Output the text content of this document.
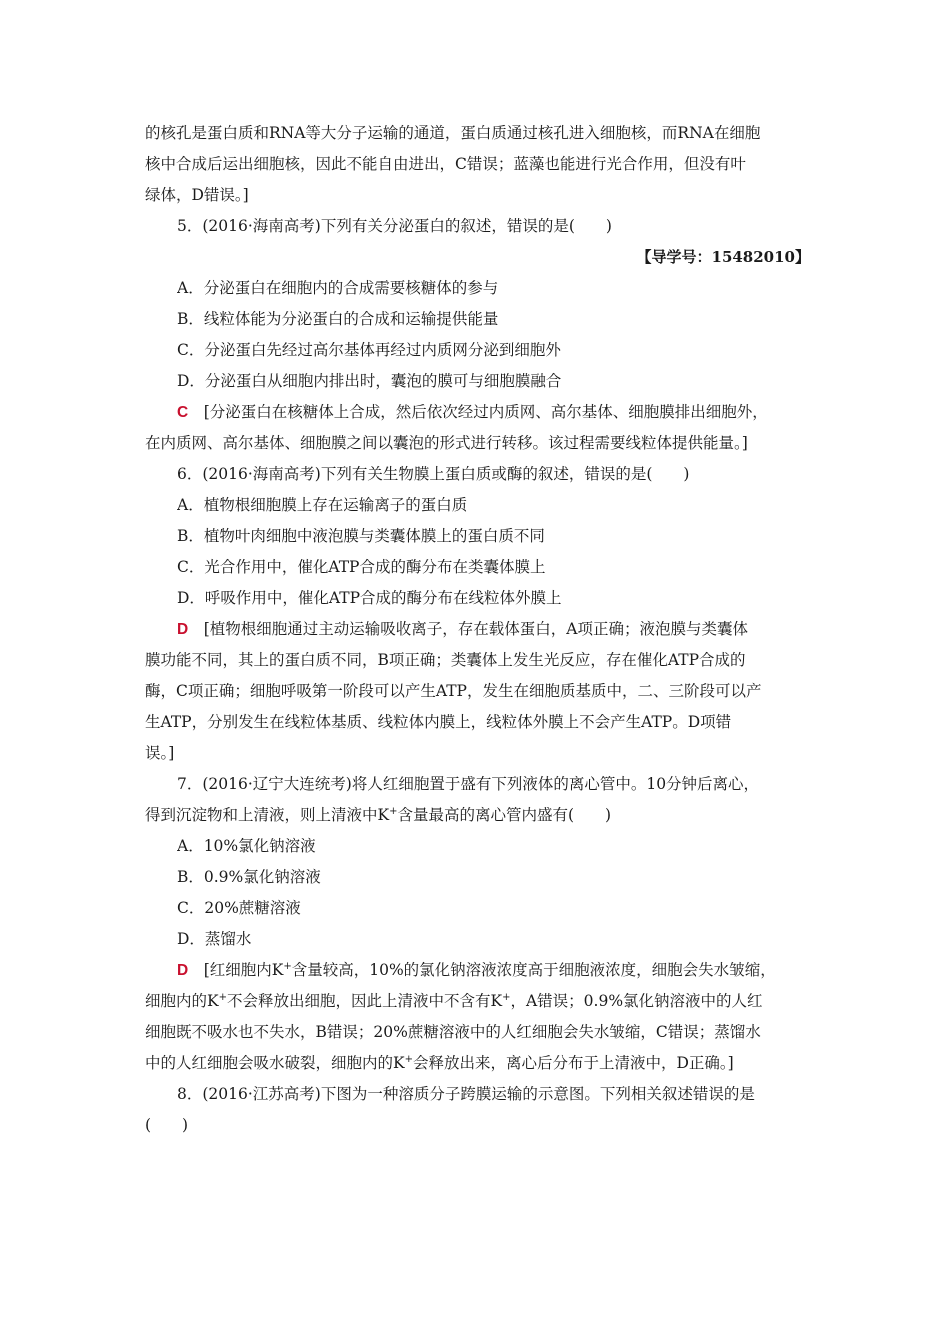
的核孔是蛋白质和RNA等大分子运输的通道，蛋白质通过核孔进入细胞核，而RNA在细胞
核中合成后运出细胞核，因此不能自由进出，C错误；蓝藻也能进行光合作用，但没有叶
绿体，D错误。]
5．(2016·海南高考)下列有关分泌蛋白的叙述，错误的是(　　)
【导学号：15482010】
A．分泌蛋白在细胞内的合成需要核糖体的参与
B．线粒体能为分泌蛋白的合成和运输提供能量
C．分泌蛋白先经过高尔基体再经过内质网分泌到细胞外
D．分泌蛋白从细胞内排出时，囊泡的膜可与细胞膜融合
C　[分泌蛋白在核糖体上合成，然后依次经过内质网、高尔基体、细胞膜排出细胞外，
在内质网、高尔基体、细胞膜之间以囊泡的形式进行转移。该过程需要线粒体提供能量。]
6．(2016·海南高考)下列有关生物膜上蛋白质或酶的叙述，错误的是(　　)
A．植物根细胞膜上存在运输离子的蛋白质
B．植物叶肉细胞中液泡膜与类囊体膜上的蛋白质不同
C．光合作用中，催化ATP合成的酶分布在类囊体膜上
D．呼吸作用中，催化ATP合成的酶分布在线粒体外膜上
D　[植物根细胞通过主动运输吸收离子，存在载体蛋白，A项正确；液泡膜与类囊体
膜功能不同，其上的蛋白质不同，B项正确；类囊体上发生光反应，存在催化ATP合成的
酶，C项正确；细胞呼吸第一阶段可以产生ATP，发生在细胞质基质中，二、三阶段可以产
生ATP，分别发生在线粒体基质、线粒体内膜上，线粒体外膜上不会产生ATP。D项错
误。]
7．(2016·辽宁大连统考)将人红细胞置于盛有下列液体的离心管中。10分钟后离心，
得到沉淀物和上清液，则上清液中K+含量最高的离心管内盛有(　　)
A．10%氯化钠溶液
B．0.9%氯化钠溶液
C．20%蔗糖溶液
D．蒸馏水
D　[红细胞内K+含量较高，10%的氯化钠溶液浓度高于细胞液浓度，细胞会失水皱缩，
细胞内的K+不会释放出细胞，因此上清液中不含有K+，A错误；0.9%氯化钠溶液中的人红
细胞既不吸水也不失水，B错误；20%蔗糖溶液中的人红细胞会失水皱缩，C错误；蒸馏水
中的人红细胞会吸水破裂，细胞内的K+会释放出来，离心后分布于上清液中，D正确。]
8．(2016·江苏高考)下图为一种溶质分子跨膜运输的示意图。下列相关叙述错误的是
(　　)
